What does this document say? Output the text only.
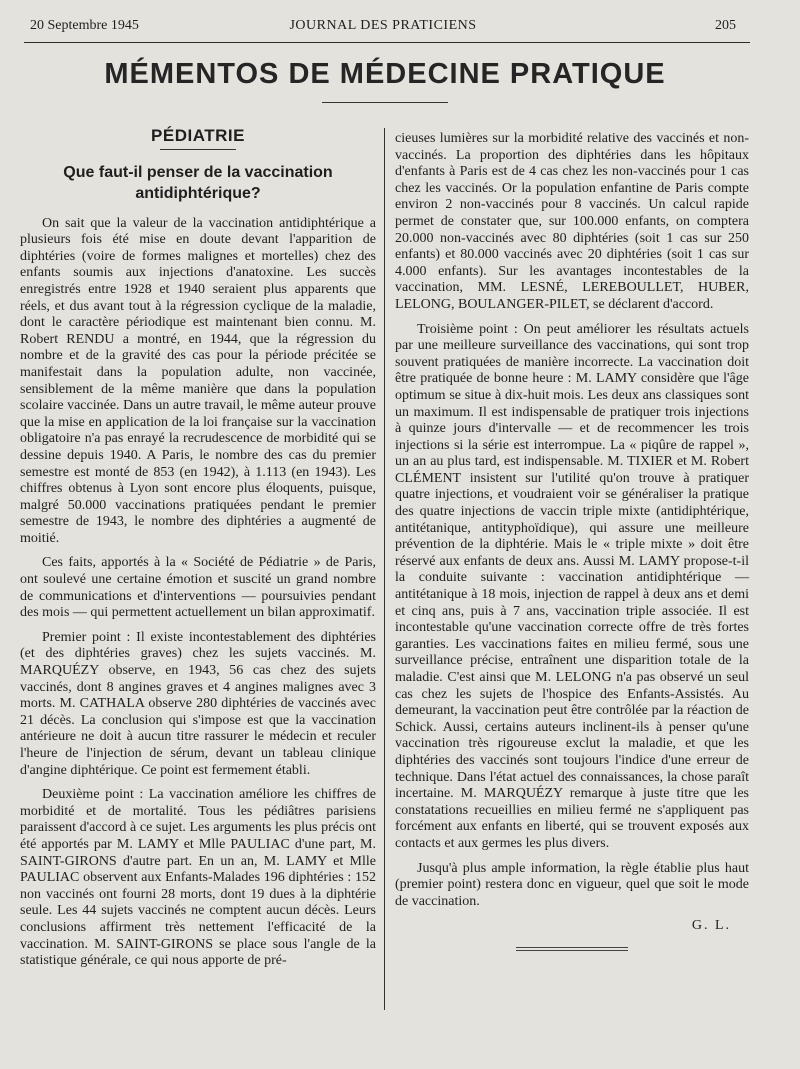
20 Septembre 1945	JOURNAL DES PRATICIENS	205
MÉMENTOS DE MÉDECINE PRATIQUE
PÉDIATRIE
Que faut-il penser de la vaccination antidiphtérique?

On sait que la valeur de la vaccination antidiphtérique a plusieurs fois été mise en doute devant l'apparition de diphtéries (voire de formes malignes et mortelles) chez des enfants soumis aux injections d'anatoxine. Les succès enregistrés entre 1928 et 1940 seraient plus apparents que réels, et dus avant tout à la régression cyclique de la maladie, dont le caractère périodique est maintenant bien connu. M. Robert RENDU a montré, en 1944, que la régression du nombre et de la gravité des cas pour la période précitée se manifestait dans la population adulte, non vaccinée, sensiblement de la même manière que dans la population scolaire vaccinée. Dans un autre travail, le même auteur prouve que la mise en application de la loi française sur la vaccination obligatoire n'a pas enrayé la recrudescence de morbidité qui se dessine depuis 1940. A Paris, le nombre des cas du premier semestre est monté de 853 (en 1942), à 1.113 (en 1943). Les chiffres obtenus à Lyon sont encore plus éloquents, puisque, malgré 50.000 vaccinations pratiquées pendant le premier semestre de 1943, le nombre des diphtéries a augmenté de moitié.

Ces faits, apportés à la « Société de Pédiatrie » de Paris, ont soulevé une certaine émotion et suscité un grand nombre de communications et d'interventions — poursuivies pendant des mois — qui permettent actuellement un bilan approximatif.

Premier point : Il existe incontestablement des diphtéries (et des diphtéries graves) chez les sujets vaccinés. M. MARQUÉZY observe, en 1943, 56 cas chez des sujets vaccinés, dont 8 angines graves et 4 angines malignes avec 3 morts. M. CATHALA observe 280 diphtéries de vaccinés avec 21 décès. La conclusion qui s'impose est que la vaccination antérieure ne doit à aucun titre rassurer le médecin et reculer l'heure de l'injection de sérum, devant un tableau clinique d'angine diphtérique. Ce point est fermement établi.

Deuxième point : La vaccination améliore les chiffres de morbidité et de mortalité. Tous les pédiâtres parisiens paraissent d'accord à ce sujet. Les arguments les plus précis ont été apportés par M. LAMY et Mlle PAULIAC d'une part, M. SAINT-GIRONS d'autre part. En un an, M. LAMY et Mlle PAULIAC observent aux Enfants-Malades 196 diphtéries : 152 non vaccinés ont fourni 28 morts, dont 19 dues à la diphtérie seule. Les 44 sujets vaccinés ne comptent aucun décès. Leurs conclusions affirment très nettement l'efficacité de la vaccination. M. SAINT-GIRONS se place sous l'angle de la statistique générale, ce qui nous apporte de pré-

cieuses lumières sur la morbidité relative des vaccinés et non-vaccinés. La proportion des diphtéries dans les hôpitaux d'enfants à Paris est de 4 cas chez les non-vaccinés pour 1 cas chez les vaccinés. Or la population enfantine de Paris compte environ 2 non-vaccinés pour 8 vaccinés. Un calcul rapide permet de constater que, sur 100.000 enfants, on comptera 20.000 non-vaccinés avec 80 diphtéries (soit 1 cas sur 250 enfants) et 80.000 vaccinés avec 20 diphtéries (soit 1 cas sur 4.000 enfants). Sur les avantages incontestables de la vaccination, MM. LESNÉ, LEREBOULLET, HUBER, LELONG, BOULANGER-PILET, se déclarent d'accord.

Troisième point : On peut améliorer les résultats actuels par une meilleure surveillance des vaccinations, qui sont trop souvent pratiquées de manière incorrecte. La vaccination doit être pratiquée de bonne heure : M. LAMY considère que l'âge optimum se situe à dix-huit mois. Les deux ans classiques sont un maximum. Il est indispensable de pratiquer trois injections à quinze jours d'intervalle — et de recommencer les trois injections si la série est interrompue. La « piqûre de rappel », un an au plus tard, est indispensable. M. TIXIER et M. Robert CLÉMENT insistent sur l'utilité qu'on trouve à pratiquer quatre injections, et voudraient voir se généraliser la pratique des quatre injections de vaccin triple mixte (antidiphtérique, antitétanique, antityphoïdique), qui assure une meilleure prévention de la diphtérie. Mais le « triple mixte » doit être réservé aux enfants de deux ans. Aussi M. LAMY propose-t-il la conduite suivante : vaccination antidiphtérique — antitétanique à 18 mois, injection de rappel à deux ans et demi et cinq ans, puis à 7 ans, vaccination triple associée. Il est incontestable qu'une vaccination correcte offre de très fortes garanties. Les vaccinations faites en milieu fermé, sous une surveillance précise, entraînent une disparition totale de la maladie. C'est ainsi que M. LELONG n'a pas observé un seul cas chez les sujets de l'hospice des Enfants-Assistés. Au demeurant, la vaccination peut être contrôlée par la réaction de Schick. Aussi, certains auteurs inclinent-ils à penser qu'une vaccination très rigoureuse exclut la maladie, et que les diphtéries des vaccinés sont toujours l'indice d'une erreur de technique. Dans l'état actuel des connaissances, la chose paraît incertaine. M. MARQUÉZY remarque à juste titre que les constatations recueillies en milieu fermé ne s'appliquent pas forcément aux enfants en liberté, qui se trouvent exposés aux contacts et aux germes les plus divers.

Jusqu'à plus ample information, la règle établie plus haut (premier point) restera donc en vigueur, quel que soit le mode de vaccination.

G. L.
